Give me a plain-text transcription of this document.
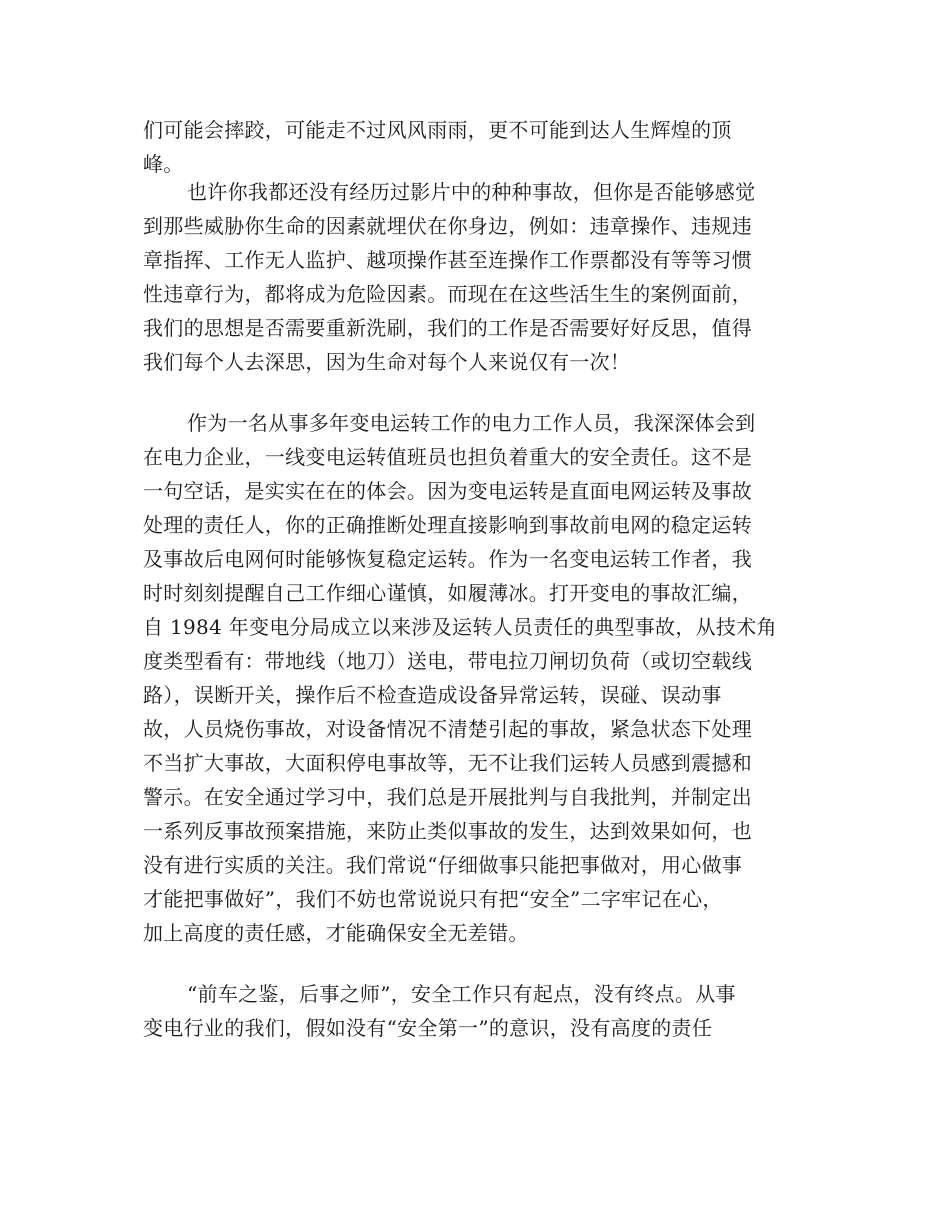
们可能会摔跤，可能走不过风风雨雨，更不可能到达人生辉煌的顶
峰。
也许你我都还没有经历过影片中的种种事故，但你是否能够感觉
到那些威胁你生命的因素就埋伏在你身边，例如：违章操作、违规违
章指挥、工作无人监护、越项操作甚至连操作工作票都没有等等习惯
性违章行为，都将成为危险因素。而现在在这些活生生的案例面前，
我们的思想是否需要重新洗刷，我们的工作是否需要好好反思，值得
我们每个人去深思，因为生命对每个人来说仅有一次！
作为一名从事多年变电运转工作的电力工作人员，我深深体会到
在电力企业，一线变电运转值班员也担负着重大的安全责任。这不是
一句空话，是实实在在的体会。因为变电运转是直面电网运转及事故
处理的责任人，你的正确推断处理直接影响到事故前电网的稳定运转
及事故后电网何时能够恢复稳定运转。作为一名变电运转工作者，我
时时刻刻提醒自己工作细心谨慎，如履薄冰。打开变电的事故汇编，
自 1984 年变电分局成立以来涉及运转人员责任的典型事故，从技术角
度类型看有：带地线（地刀）送电，带电拉刀闸切负荷（或切空载线
路），误断开关，操作后不检查造成设备异常运转，误碰、误动事
故，人员烧伤事故，对设备情况不清楚引起的事故，紧急状态下处理
不当扩大事故，大面积停电事故等，无不让我们运转人员感到震撼和
警示。在安全通过学习中，我们总是开展批判与自我批判，并制定出
一系列反事故预案措施，来防止类似事故的发生，达到效果如何，也
没有进行实质的关注。我们常说“仔细做事只能把事做对，用心做事
才能把事做好”，我们不妨也常说说只有把“安全”二字牢记在心，
加上高度的责任感，才能确保安全无差错。
“前车之鉴，后事之师”，安全工作只有起点，没有终点。从事
变电行业的我们，假如没有“安全第一”的意识，没有高度的责任
